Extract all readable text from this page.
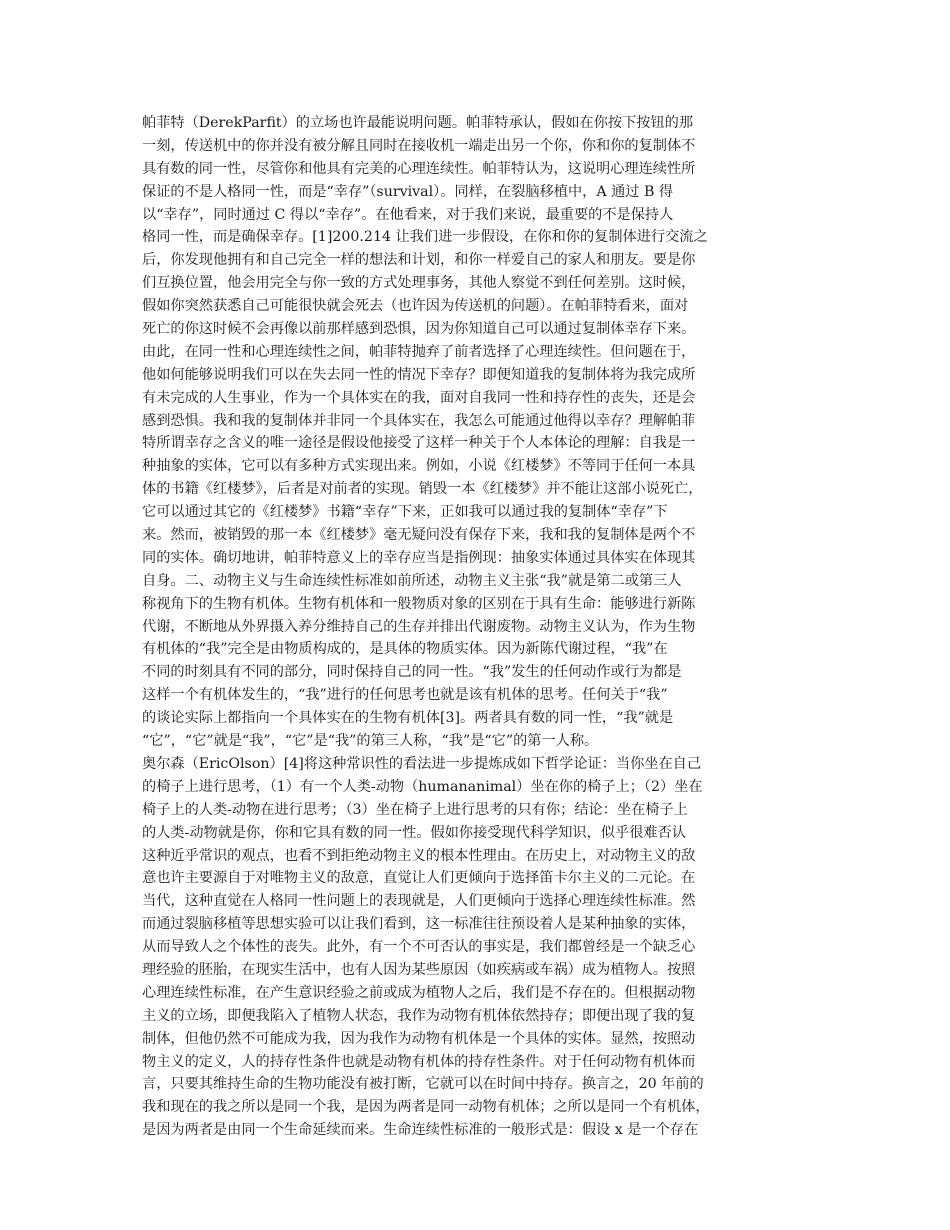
帕菲特（DerekParfit）的立场也许最能说明问题。帕菲特承认，假如在你按下按钮的那
一刻，传送机中的你并没有被分解且同时在接收机一端走出另一个你，你和你的复制体不
具有数的同一性，尽管你和他具有完美的心理连续性。帕菲特认为，这说明心理连续性所
保证的不是人格同一性，而是“幸存”（survival）。同样，在裂脑移植中，A 通过 B 得
以“幸存”，同时通过 C 得以“幸存”。在他看来，对于我们来说，最重要的不是保持人
格同一性，而是确保幸存。[1]200.214 让我们进一步假设，在你和你的复制体进行交流之
后，你发现他拥有和自己完全一样的想法和计划，和你一样爱自己的家人和朋友。要是你
们互换位置，他会用完全与你一致的方式处理事务，其他人察觉不到任何差别。这时候，
假如你突然获悉自己可能很快就会死去（也许因为传送机的问题）。在帕菲特看来，面对
死亡的你这时候不会再像以前那样感到恐惧，因为你知道自己可以通过复制体幸存下来。
由此，在同一性和心理连续性之间，帕菲特抛弃了前者选择了心理连续性。但问题在于，
他如何能够说明我们可以在失去同一性的情况下幸存？即便知道我的复制体将为我完成所
有未完成的人生事业，作为一个具体实在的我，面对自我同一性和持存性的丧失，还是会
感到恐惧。我和我的复制体并非同一个具体实在，我怎么可能通过他得以幸存？理解帕菲
特所谓幸存之含义的唯一途径是假设他接受了这样一种关于个人本体论的理解：自我是一
种抽象的实体，它可以有多种方式实现出来。例如，小说《红楼梦》不等同于任何一本具
体的书籍《红楼梦》，后者是对前者的实现。销毁一本《红楼梦》并不能让这部小说死亡，
它可以通过其它的《红楼梦》书籍“幸存”下来，正如我可以通过我的复制体“幸存”下
来。然而，被销毁的那一本《红楼梦》毫无疑问没有保存下来，我和我的复制体是两个不
同的实体。确切地讲，帕菲特意义上的幸存应当是指例现：抽象实体通过具体实在体现其
自身。二、动物主义与生命连续性标准如前所述，动物主义主张“我”就是第二或第三人
称视角下的生物有机体。生物有机体和一般物质对象的区别在于具有生命：能够进行新陈
代谢，不断地从外界摄入养分维持自己的生存并排出代谢废物。动物主义认为，作为生物
有机体的“我”完全是由物质构成的，是具体的物质实体。因为新陈代谢过程，“我”在
不同的时刻具有不同的部分，同时保持自己的同一性。“我”发生的任何动作或行为都是
这样一个有机体发生的，“我”进行的任何思考也就是该有机体的思考。任何关于“我”
的谈论实际上都指向一个具体实在的生物有机体[3]。两者具有数的同一性，“我”就是
“它”，“它”就是“我”，“它”是“我”的第三人称，“我”是“它”的第一人称。
奥尔森（EricOlson）[4]将这种常识性的看法进一步提炼成如下哲学论证：当你坐在自己
的椅子上进行思考，（1）有一个人类-动物（humananimal）坐在你的椅子上；（2）坐在
椅子上的人类-动物在进行思考；（3）坐在椅子上进行思考的只有你；结论：坐在椅子上
的人类-动物就是你，你和它具有数的同一性。假如你接受现代科学知识，似乎很难否认
这种近乎常识的观点，也看不到拒绝动物主义的根本性理由。在历史上，对动物主义的敌
意也许主要源自于对唯物主义的敌意，直觉让人们更倾向于选择笛卡尔主义的二元论。在
当代，这种直觉在人格同一性问题上的表现就是，人们更倾向于选择心理连续性标准。然
而通过裂脑移植等思想实验可以让我们看到，这一标准往往预设着人是某种抽象的实体，
从而导致人之个体性的丧失。此外，有一个不可否认的事实是，我们都曾经是一个缺乏心
理经验的胚胎，在现实生活中，也有人因为某些原因（如疾病或车祸）成为植物人。按照
心理连续性标准，在产生意识经验之前或成为植物人之后，我们是不存在的。但根据动物
主义的立场，即便我陷入了植物人状态，我作为动物有机体依然持存；即便出现了我的复
制体，但他仍然不可能成为我，因为我作为动物有机体是一个具体的实体。显然，按照动
物主义的定义，人的持存性条件也就是动物有机体的持存性条件。对于任何动物有机体而
言，只要其维持生命的生物功能没有被打断，它就可以在时间中持存。换言之，20 年前的
我和现在的我之所以是同一个我，是因为两者是同一动物有机体；之所以是同一个有机体，
是因为两者是由同一个生命延续而来。生命连续性标准的一般形式是：假设 x 是一个存在
